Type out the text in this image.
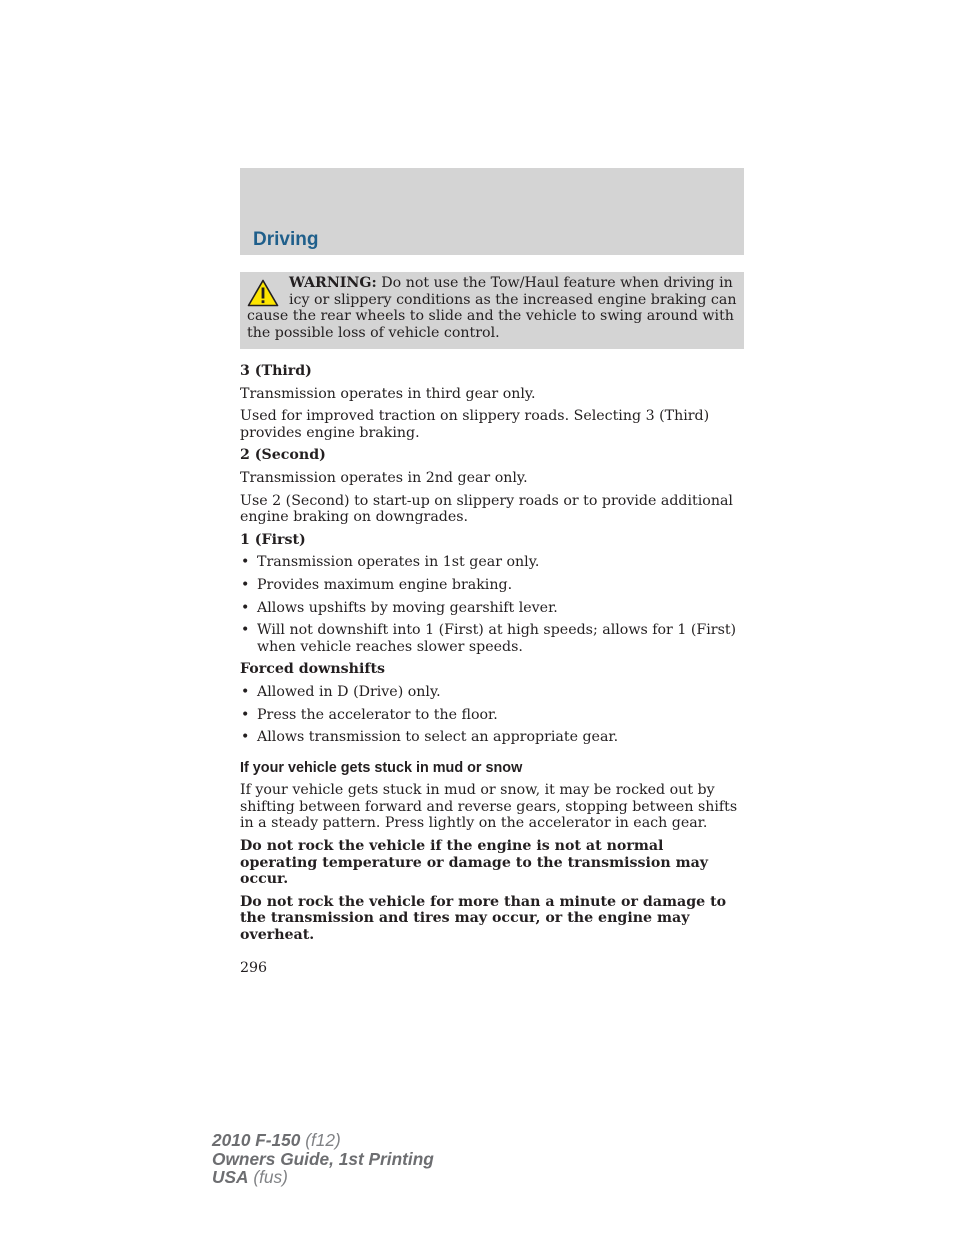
Driving

WARNING: Do not use the Tow/Haul feature when driving in icy or slippery conditions as the increased engine braking can cause the rear wheels to slide and the vehicle to swing around with the possible loss of vehicle control.

3 (Third)

Transmission operates in third gear only.

Used for improved traction on slippery roads. Selecting 3 (Third) provides engine braking.

2 (Second)

Transmission operates in 2nd gear only.

Use 2 (Second) to start-up on slippery roads or to provide additional engine braking on downgrades.

1 (First)

• Transmission operates in 1st gear only.
• Provides maximum engine braking.
• Allows upshifts by moving gearshift lever.
• Will not downshift into 1 (First) at high speeds; allows for 1 (First) when vehicle reaches slower speeds.

Forced downshifts

• Allowed in D (Drive) only.
• Press the accelerator to the floor.
• Allows transmission to select an appropriate gear.

If your vehicle gets stuck in mud or snow

If your vehicle gets stuck in mud or snow, it may be rocked out by shifting between forward and reverse gears, stopping between shifts in a steady pattern. Press lightly on the accelerator in each gear.

Do not rock the vehicle if the engine is not at normal operating temperature or damage to the transmission may occur.

Do not rock the vehicle for more than a minute or damage to the transmission and tires may occur, or the engine may overheat.

296
2010 F-150 (f12)
Owners Guide, 1st Printing
USA (fus)
